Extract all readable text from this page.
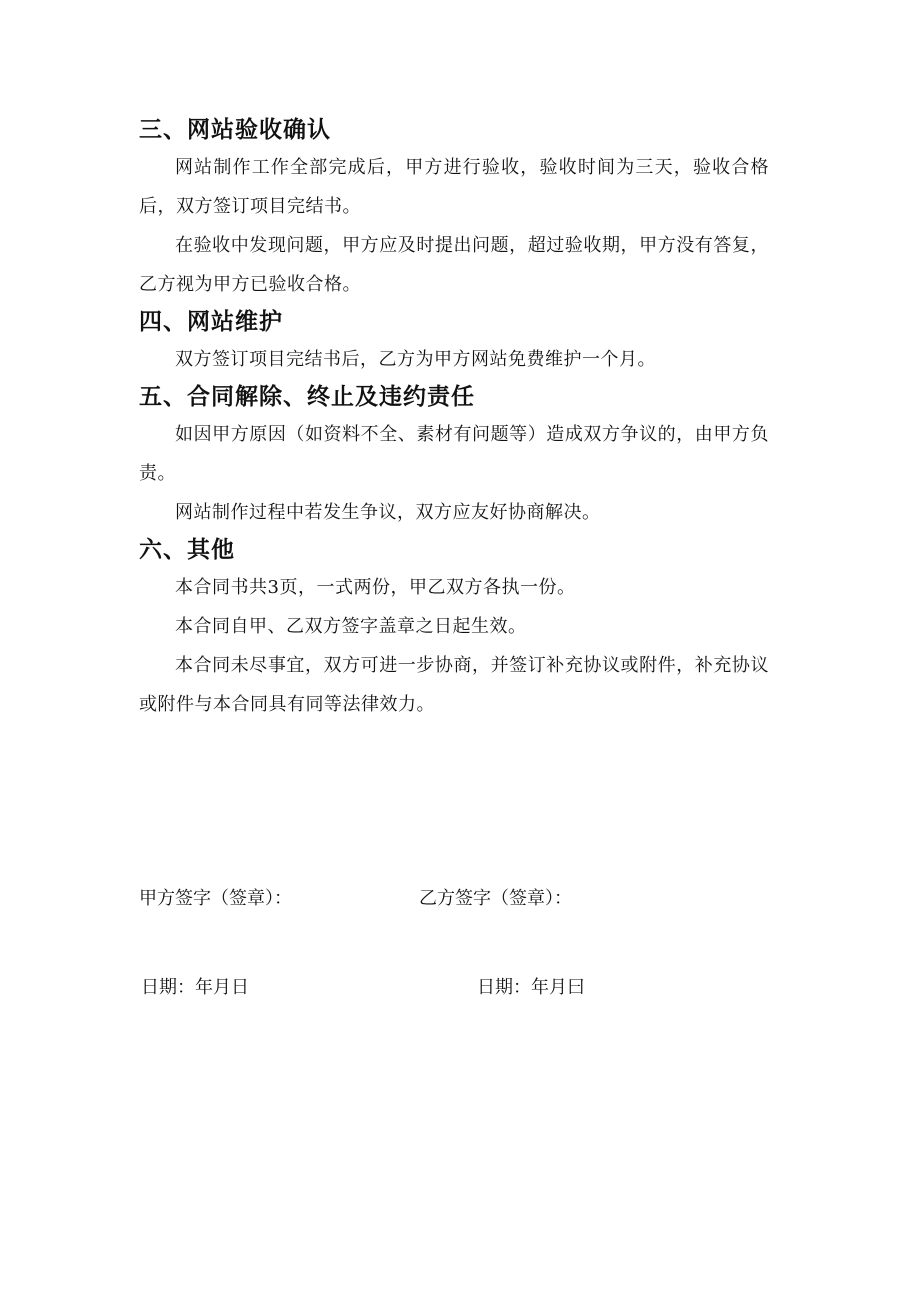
三、网站验收确认

网站制作工作全部完成后，甲方进行验收，验收时间为三天，验收合格后，双方签订项目完结书。

在验收中发现问题，甲方应及时提出问题，超过验收期，甲方没有答复，乙方视为甲方已验收合格。

四、网站维护

双方签订项目完结书后，乙方为甲方网站免费维护一个月。

五、合同解除、终止及违约责任

如因甲方原因（如资料不全、素材有问题等）造成双方争议的，由甲方负责。

网站制作过程中若发生争议，双方应友好协商解决。

六、其他

本合同书共3页，一式两份，甲乙双方各执一份。

本合同自甲、乙双方签字盖章之日起生效。

本合同未尽事宜，双方可进一步协商，并签订补充协议或附件，补充协议或附件与本合同具有同等法律效力。

甲方签字（签章）：	乙方签字（签章）：
日期：年月日	日期：年月曰
